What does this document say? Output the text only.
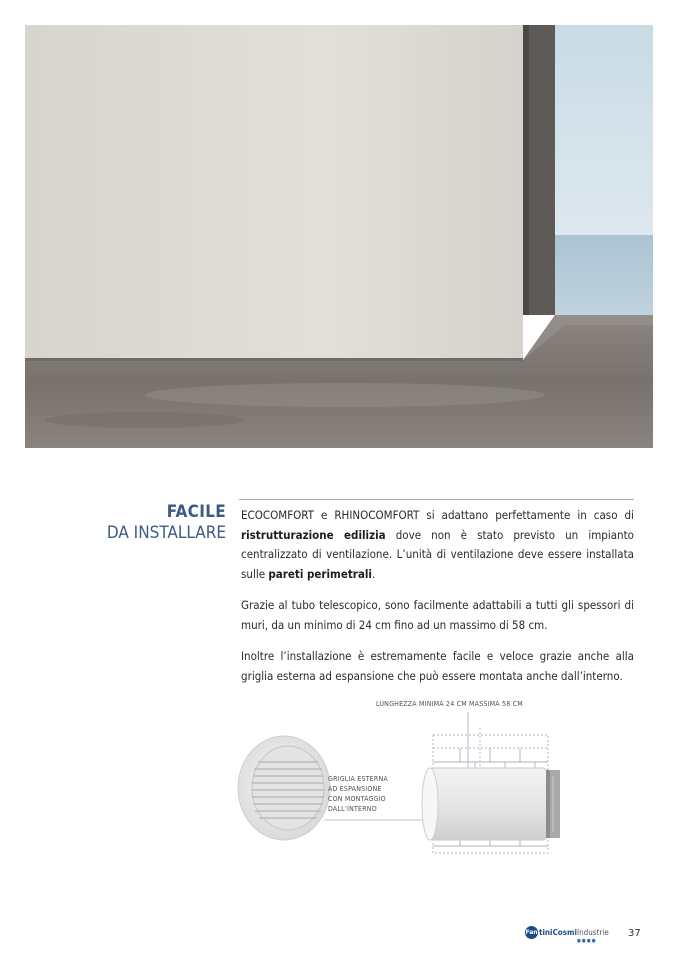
FACILE
DA INSTALLARE

ECOCOMFORT e RHINOCOMFORT si adattano perfettamente in caso di ristrutturazione edilizia dove non è stato previsto un impianto centralizzato di ventilazione. L’unità di ventilazione deve essere installata sulle pareti perimetrali.

Grazie al tubo telescopico, sono facilmente adattabili a tutti gli spessori di muri, da un minimo di 24 cm fino ad un massimo di 58 cm.

Inoltre l’installazione è estremamente facile e veloce grazie anche alla griglia esterna ad espansione che può essere montata anche dall’interno.

LUNGHEZZA MINIMA 24 CM MASSIMA 58 CM
GRIGLIA ESTERNA
AD ESPANSIONE
CON MONTAGGIO
DALL’INTERNO
Fan tiniCosmiIndustrie
●●●●
37
